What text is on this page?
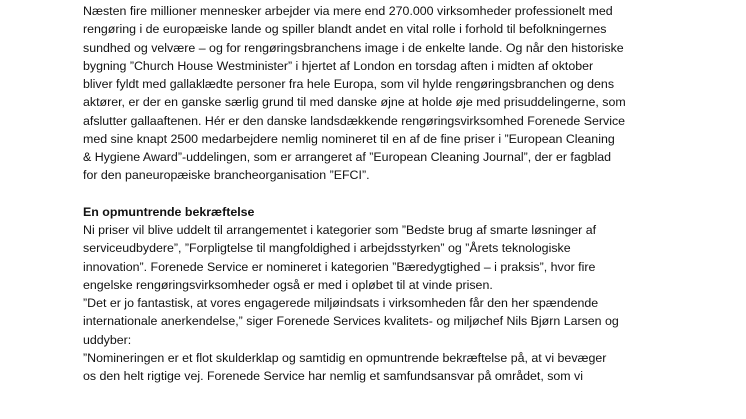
Næsten fire millioner mennesker arbejder via mere end 270.000 virksomheder professionelt med
rengøring i de europæiske lande og spiller blandt andet en vital rolle i forhold til befolkningernes
sundhed og velvære – og for rengøringsbranchens image i de enkelte lande. Og når den historiske
bygning ”Church House Westminister” i hjertet af London en torsdag aften i midten af oktober
bliver fyldt med gallaklædte personer fra hele Europa, som vil hylde rengøringsbranchen og dens
aktører, er der en ganske særlig grund til med danske øjne at holde øje med prisuddelingerne, som
afslutter gallaaftenen. Hér er den danske landsdækkende rengøringsvirksomhed Forenede Service
med sine knapt 2500 medarbejdere nemlig nomineret til en af de fine priser i ”European Cleaning
& Hygiene Award”-uddelingen, som er arrangeret af ”European Cleaning Journal”, der er fagblad
for den paneuropæiske brancheorganisation ”EFCI”.
En opmuntrende bekræftelse
Ni priser vil blive uddelt til arrangementet i kategorier som ”Bedste brug af smarte løsninger af
serviceudbydere”, ”Forpligtelse til mangfoldighed i arbejdsstyrken” og ”Årets teknologiske
innovation”. Forenede Service er nomineret i kategorien ”Bæredygtighed – i praksis”, hvor fire
engelske rengøringsvirksomheder også er med i opløbet til at vinde prisen.
”Det er jo fantastisk, at vores engagerede miljøindsats i virksomheden får den her spændende
internationale anerkendelse,” siger Forenede Services kvalitets- og miljøchef Nils Bjørn Larsen og
uddyber:
”Nomineringen er et flot skulderklap og samtidig en opmuntrende bekræftelse på, at vi bevæger
os den helt rigtige vej. Forenede Service har nemlig et samfundsansvar på området, som vi
